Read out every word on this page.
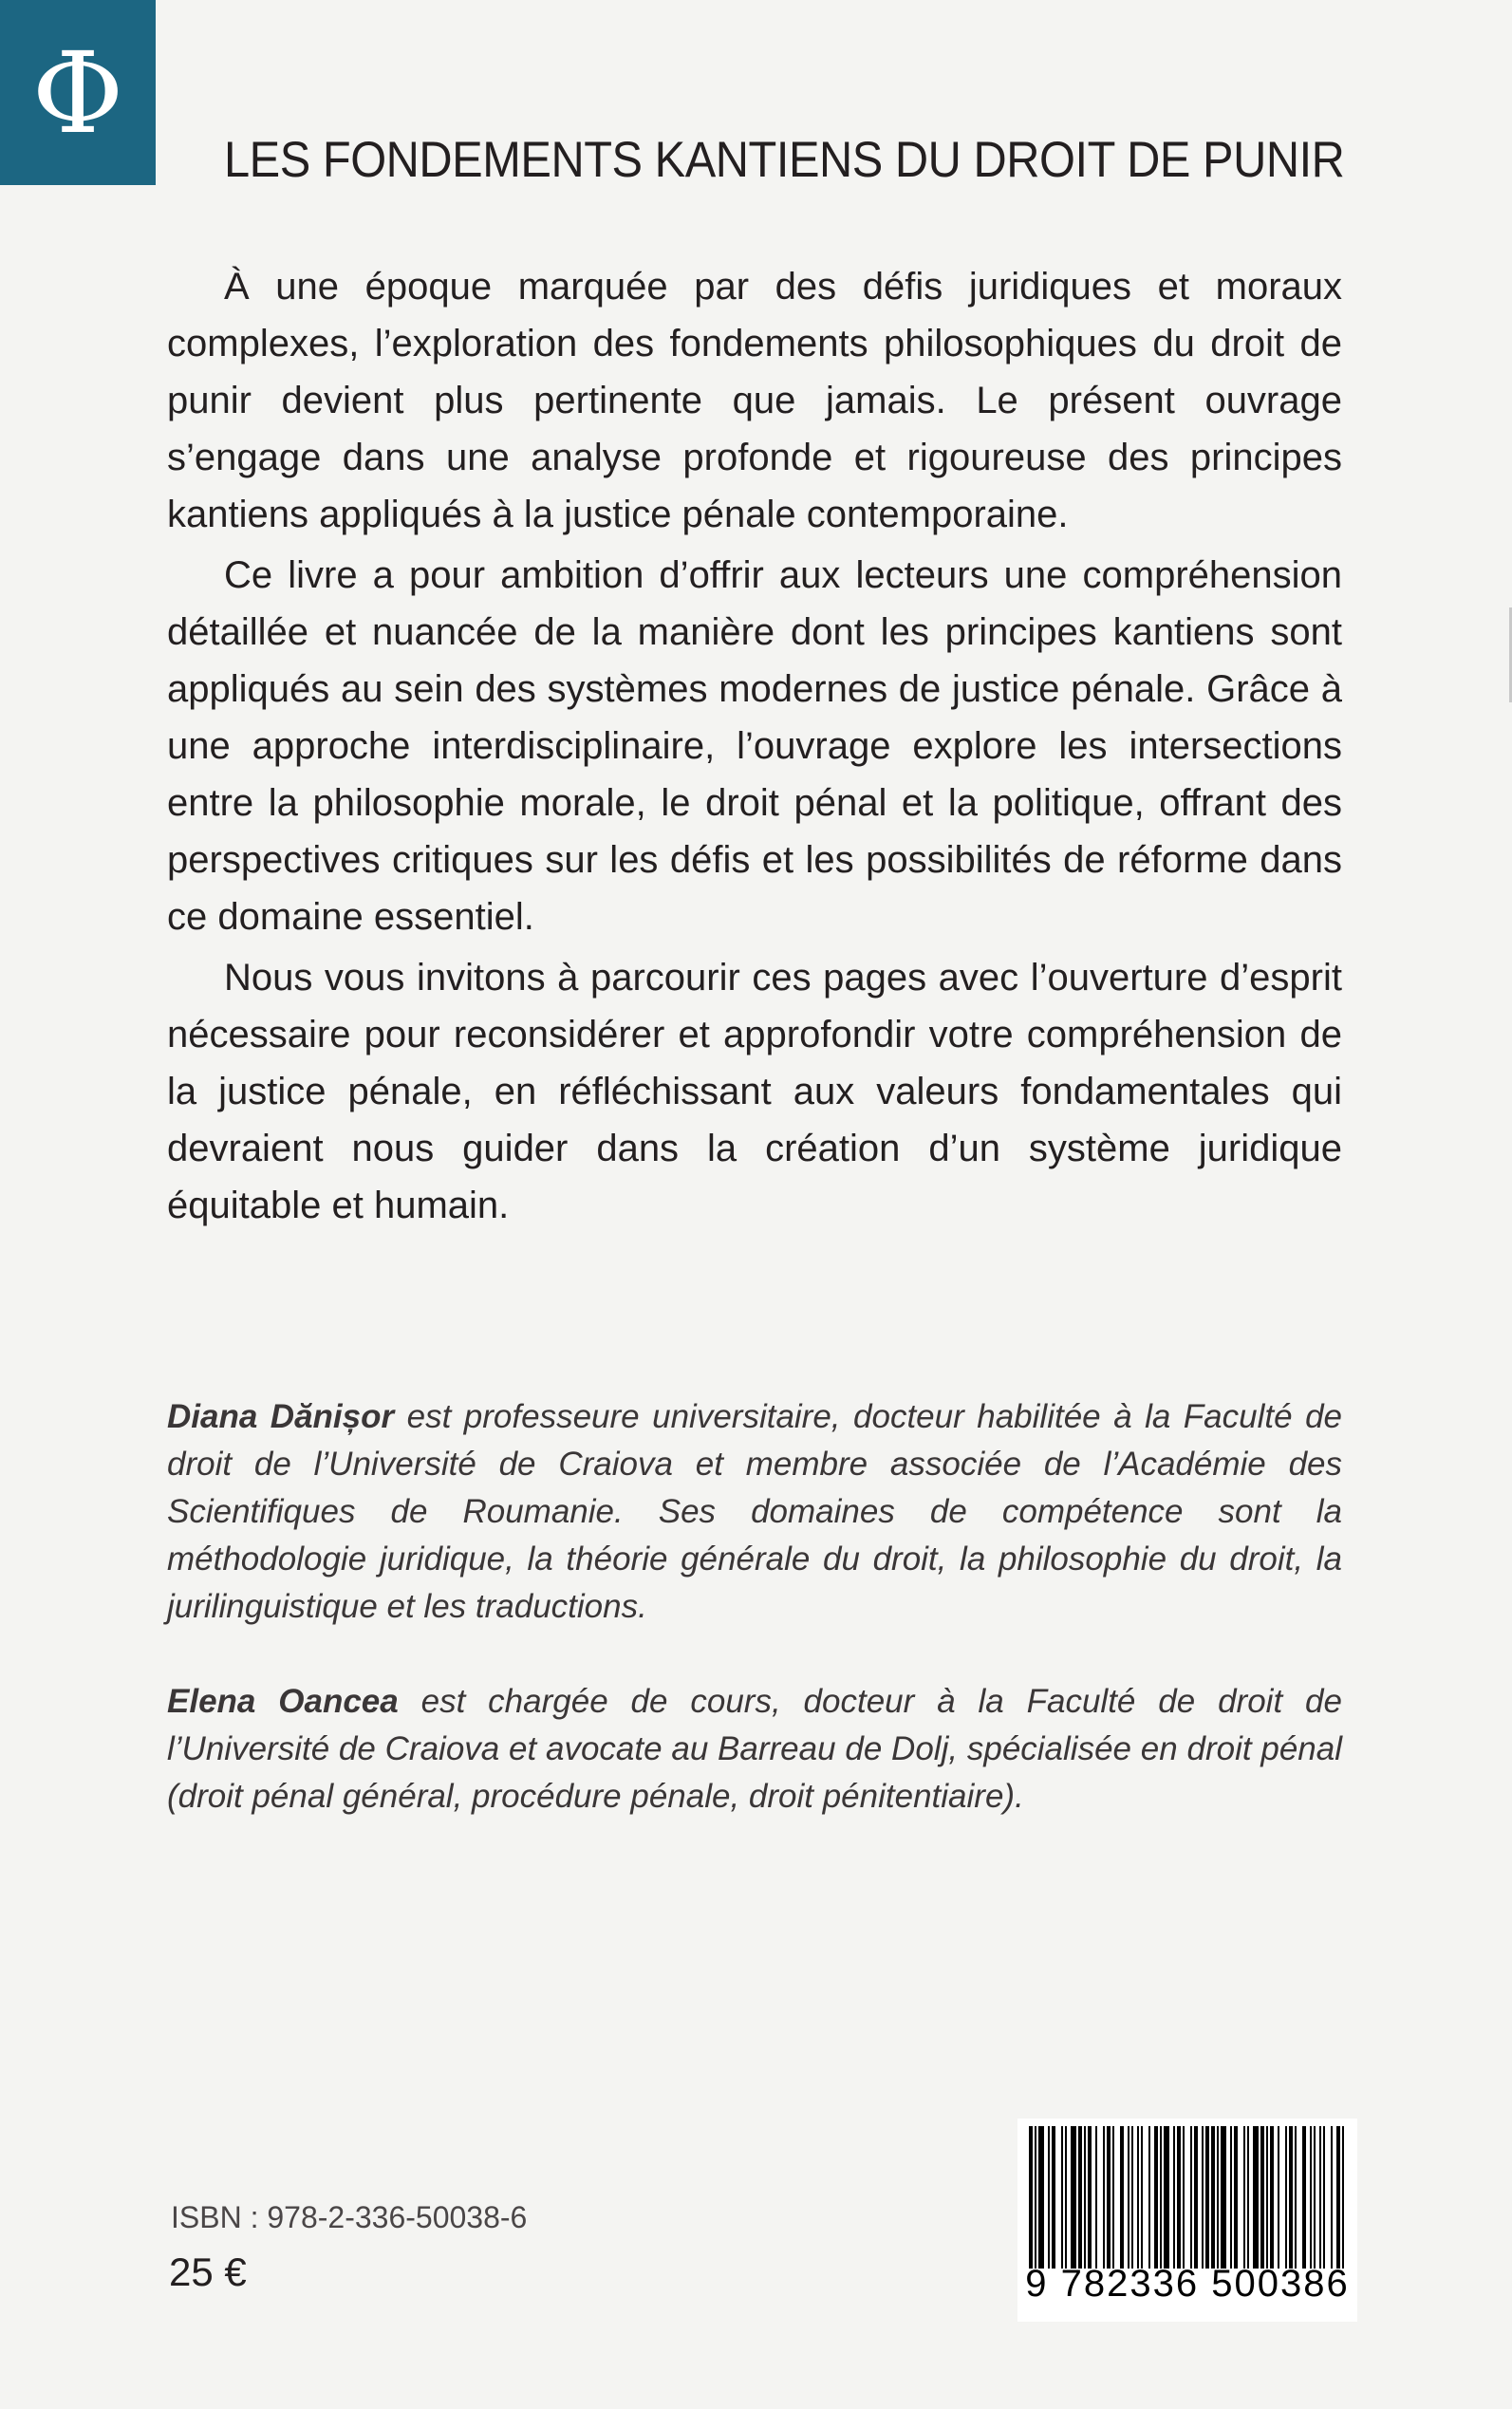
Φ
LES FONDEMENTS KANTIENS DU DROIT DE PUNIR

À une époque marquée par des défis juridiques et moraux complexes, l’exploration des fondements philosophiques du droit de punir devient plus pertinente que jamais. Le présent ouvrage s’engage dans une analyse profonde et rigoureuse des principes kantiens appliqués à la justice pénale contemporaine.

Ce livre a pour ambition d’offrir aux lecteurs une compréhension détaillée et nuancée de la manière dont les principes kantiens sont appliqués au sein des systèmes modernes de justice pénale. Grâce à une approche interdisciplinaire, l’ouvrage explore les intersections entre la philosophie morale, le droit pénal et la politique, offrant des perspectives critiques sur les défis et les possibilités de réforme dans ce domaine essentiel.

Nous vous invitons à parcourir ces pages avec l’ouverture d’esprit nécessaire pour reconsidérer et approfondir votre compréhension de la justice pénale, en réfléchissant aux valeurs fondamentales qui devraient nous guider dans la création d’un système juridique équitable et humain.

Diana Dănișor est professeure universitaire, docteur habilitée à la Faculté de droit de l’Université de Craiova et membre associée de l’Académie des Scientifiques de Roumanie. Ses domaines de compétence sont la méthodologie juridique, la théorie générale du droit, la philosophie du droit, la jurilinguistique et les traductions.

Elena Oancea est chargée de cours, docteur à la Faculté de droit de l’Université de Craiova et avocate au Barreau de Dolj, spécialisée en droit pénal (droit pénal général, procédure pénale, droit pénitentiaire).

ISBN : 978-2-336-50038-6
25 €	9 782336 500386
